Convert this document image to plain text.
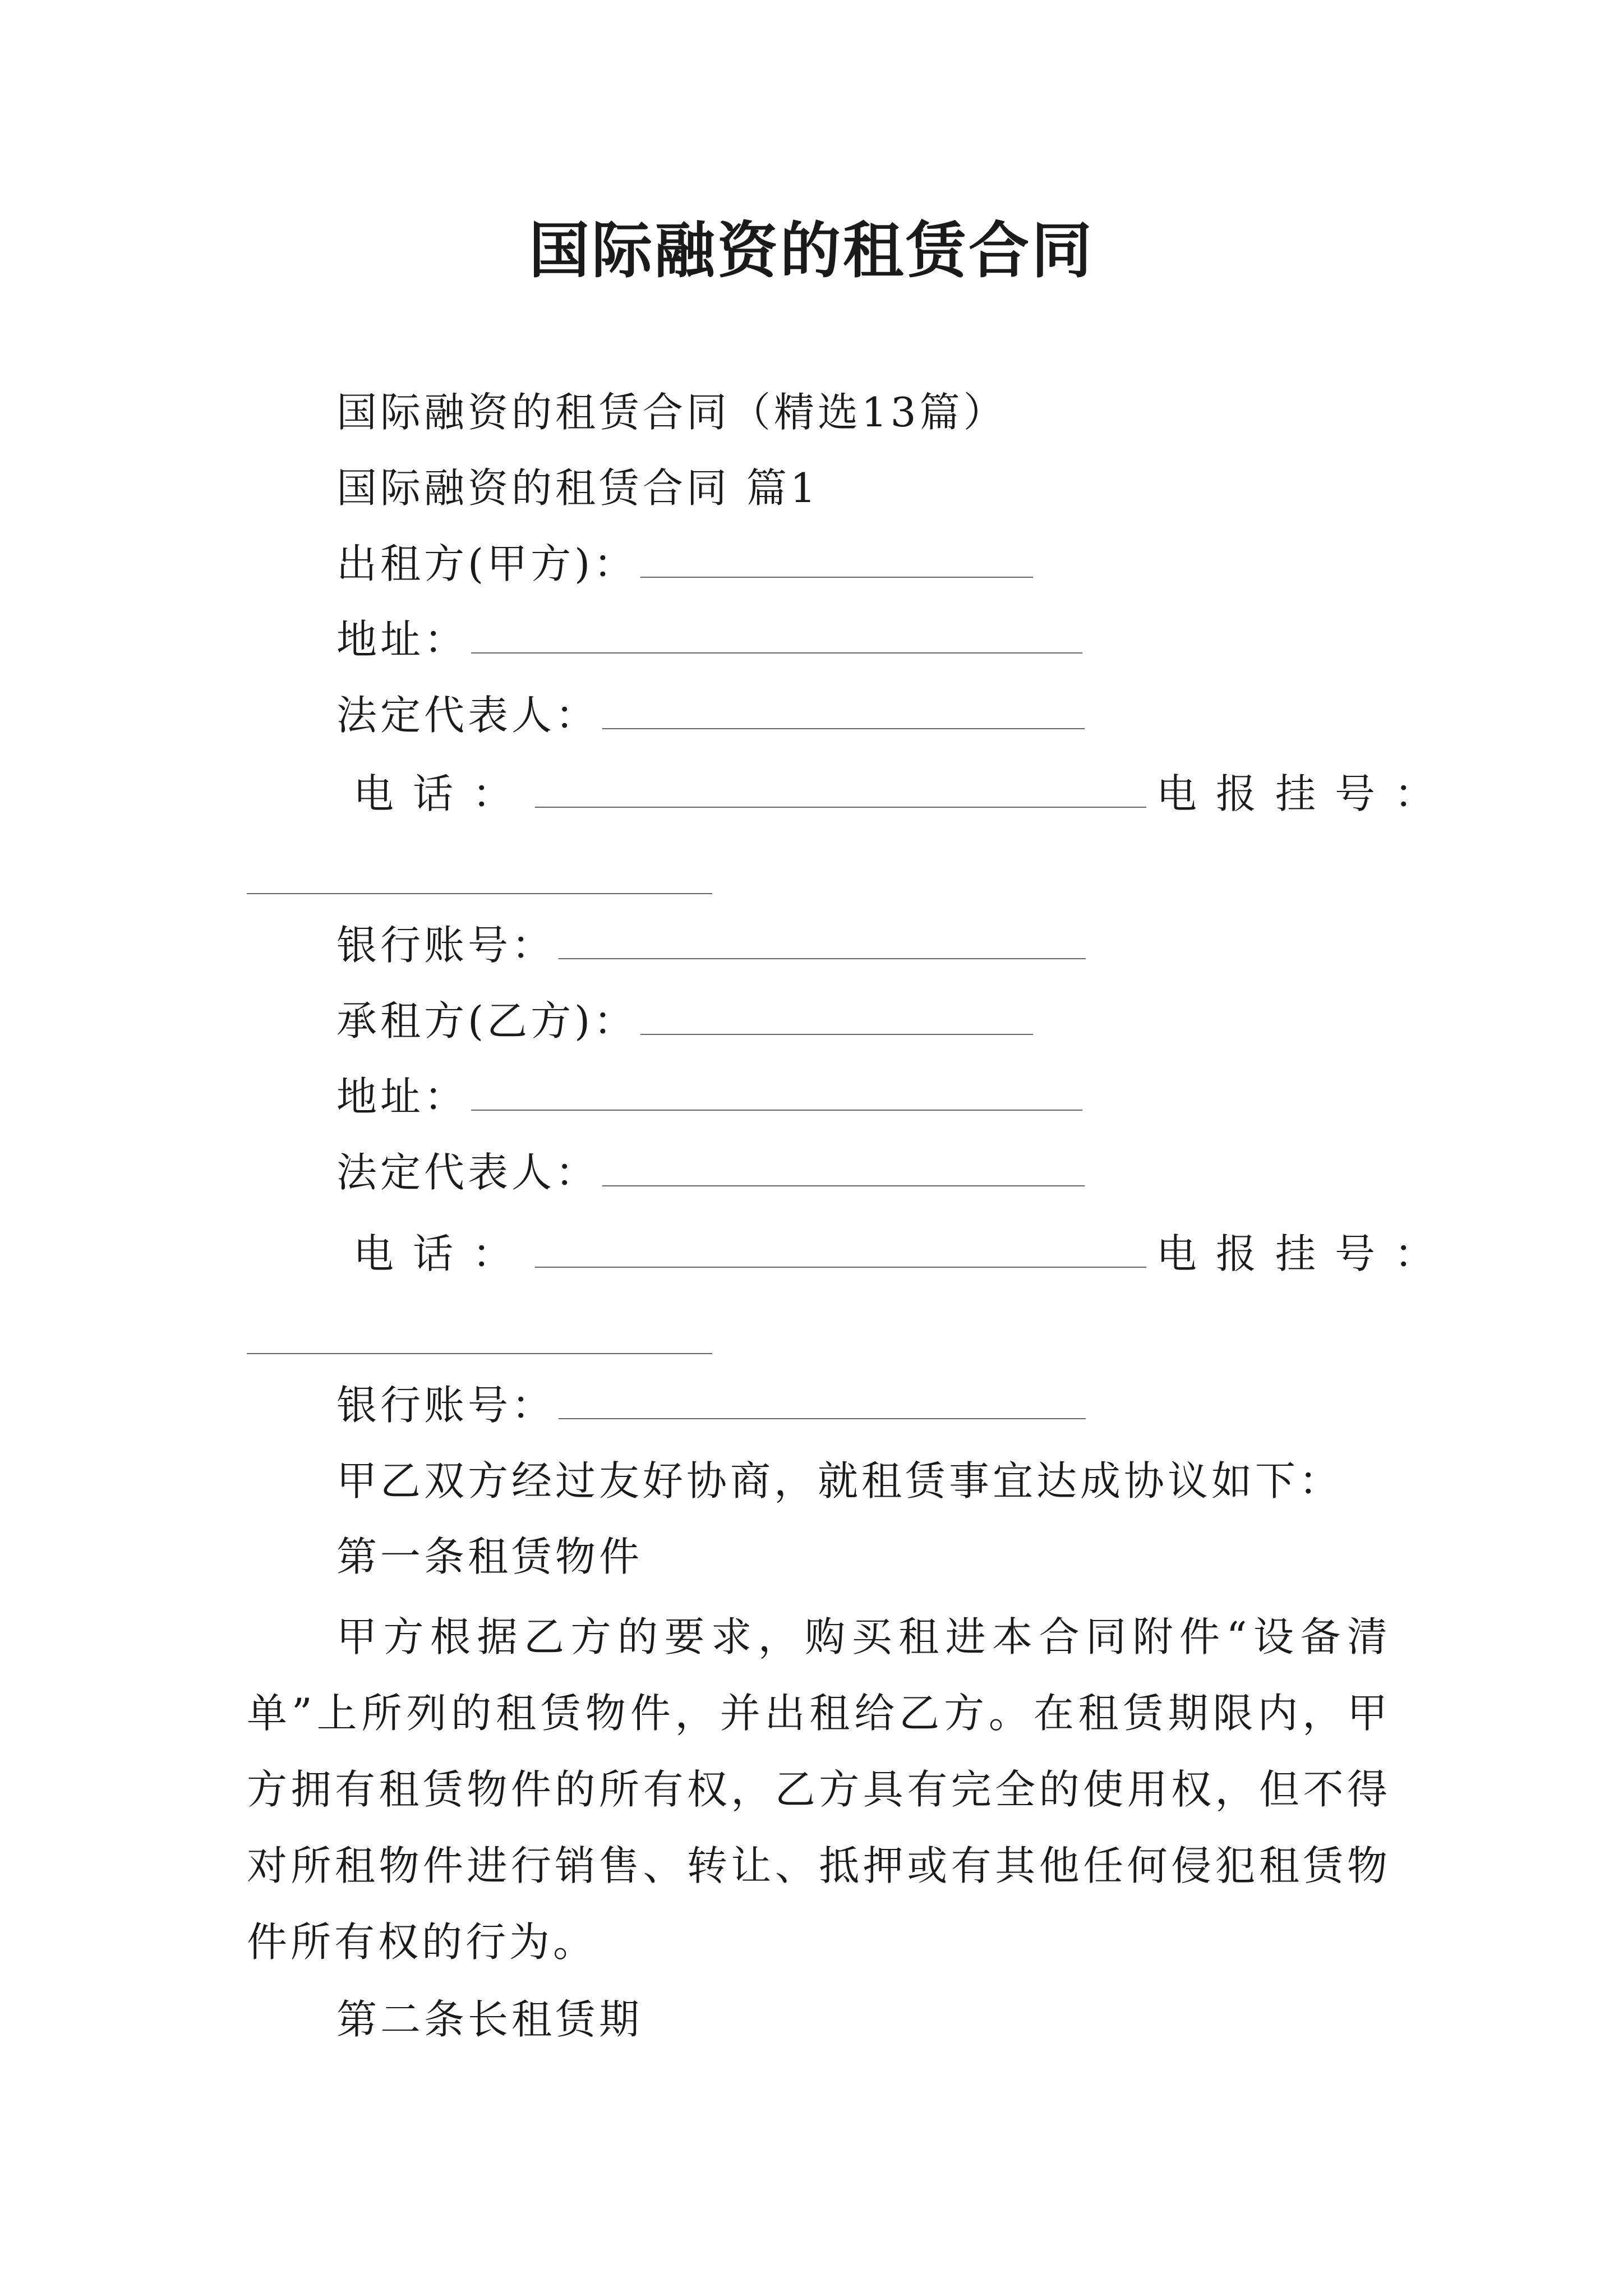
国际融资的租赁合同
国际融资的租赁合同（精选13篇）
国际融资的租赁合同 篇1
出租方(甲方)：
地址：
法定代表人：
电话：	电报挂号：
银行账号：
承租方(乙方)：
地址：
法定代表人：
电话：	电报挂号：
银行账号：
甲乙双方经过友好协商，就租赁事宜达成协议如下：
第一条租赁物件
甲方根据乙方的要求，购买租进本合同附件“设备清单”上所列的租赁物件，并出租给乙方。在租赁期限内，甲方拥有租赁物件的所有权，乙方具有完全的使用权，但不得对所租物件进行销售、转让、抵押或有其他任何侵犯租赁物件所有权的行为。
第二条长租赁期
